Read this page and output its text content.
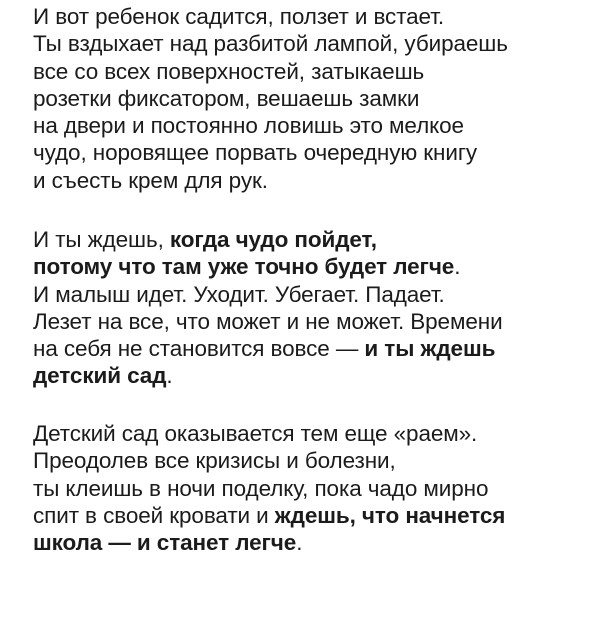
И вот ребенок садится, ползет и встает.
Ты вздыхает над разбитой лампой, убираешь
все со всех поверхностей, затыкаешь
розетки фиксатором, вешаешь замки
на двери и постоянно ловишь это мелкое
чудо, норовящее порвать очередную книгу
и съесть крем для рук.

И ты ждешь, когда чудо пойдет,
потому что там уже точно будет легче.
И малыш идет. Уходит. Убегает. Падает.
Лезет на все, что может и не может. Времени
на себя не становится вовсе — и ты ждешь
детский сад.

Детский сад оказывается тем еще «раем».
Преодолев все кризисы и болезни,
ты клеишь в ночи поделку, пока чадо мирно
спит в своей кровати и ждешь, что начнется
школа — и станет легче.
